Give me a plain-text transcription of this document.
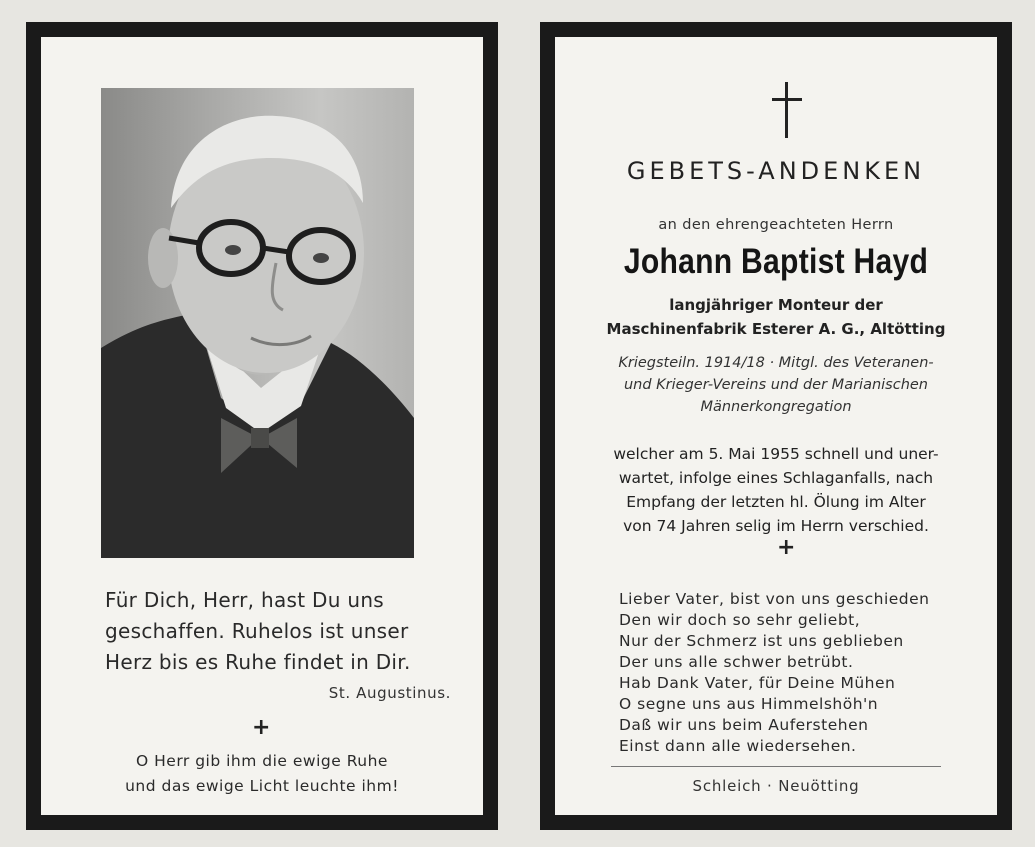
Für Dich, Herr, hast Du uns
geschaffen. Ruhelos ist unser
Herz bis es Ruhe findet in Dir.
St. Augustinus.
+
O Herr gib ihm die ewige Ruhe
und das ewige Licht leuchte ihm!
GEBETS-ANDENKEN
an den ehrengeachteten Herrn
Johann Baptist Hayd
langjähriger Monteur der
Maschinenfabrik Esterer A. G., Altötting
Kriegsteiln. 1914/18 · Mitgl. des Veteranen-
und Krieger-Vereins und der Marianischen
Männerkongregation
welcher am 5. Mai 1955 schnell und uner-
wartet, infolge eines Schlaganfalls, nach
Empfang der letzten hl. Ölung im Alter
von 74 Jahren selig im Herrn verschied.
+
Lieber Vater, bist von uns geschieden
Den wir doch so sehr geliebt,
Nur der Schmerz ist uns geblieben
Der uns alle schwer betrübt.
Hab Dank Vater, für Deine Mühen
O segne uns aus Himmelshöh'n
Daß wir uns beim Auferstehen
Einst dann alle wiedersehen.
Schleich · Neuötting
